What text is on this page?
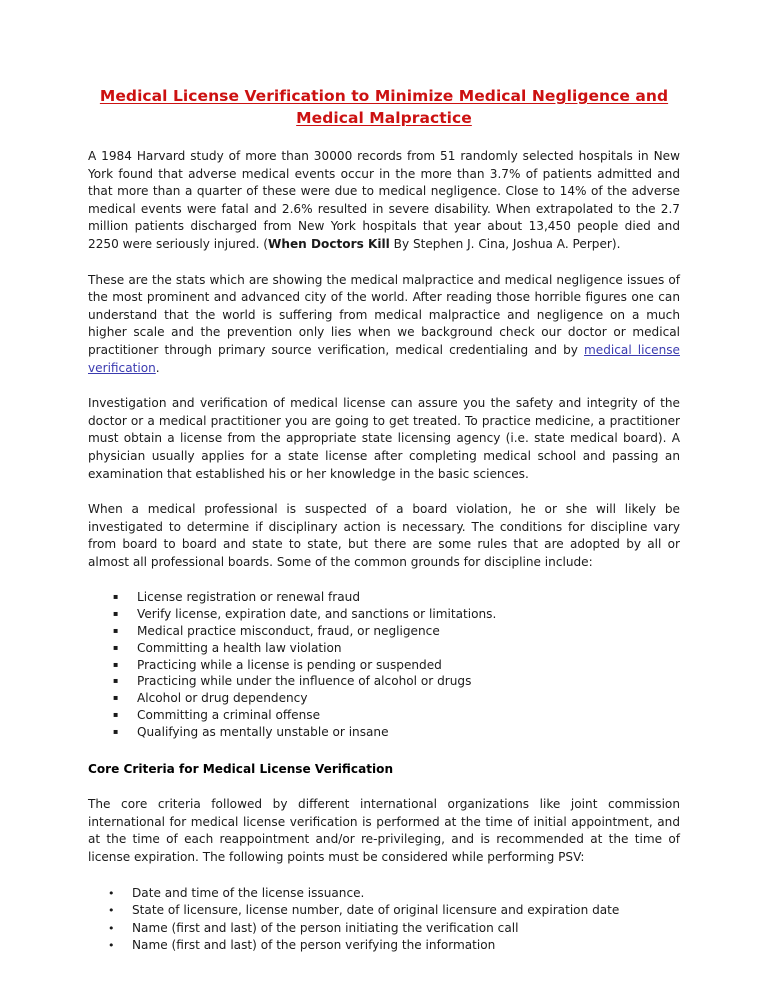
Medical License Verification to Minimize Medical Negligence and Medical Malpractice

A 1984 Harvard study of more than 30000 records from 51 randomly selected hospitals in New York found that adverse medical events occur in the more than 3.7% of patients admitted and that more than a quarter of these were due to medical negligence. Close to 14% of the adverse medical events were fatal and 2.6% resulted in severe disability. When extrapolated to the 2.7 million patients discharged from New York hospitals that year about 13,450 people died and 2250 were seriously injured. (When Doctors Kill By Stephen J. Cina, Joshua A. Perper).

These are the stats which are showing the medical malpractice and medical negligence issues of the most prominent and advanced city of the world. After reading those horrible figures one can understand that the world is suffering from medical malpractice and negligence on a much higher scale and the prevention only lies when we background check our doctor or medical practitioner through primary source verification, medical credentialing and by medical license verification.

Investigation and verification of medical license can assure you the safety and integrity of the doctor or a medical practitioner you are going to get treated. To practice medicine, a practitioner must obtain a license from the appropriate state licensing agency (i.e. state medical board). A physician usually applies for a state license after completing medical school and passing an examination that established his or her knowledge in the basic sciences.

When a medical professional is suspected of a board violation, he or she will likely be investigated to determine if disciplinary action is necessary. The conditions for discipline vary from board to board and state to state, but there are some rules that are adopted by all or almost all professional boards. Some of the common grounds for discipline include:

▪ License registration or renewal fraud
▪ Verify license, expiration date, and sanctions or limitations.
▪ Medical practice misconduct, fraud, or negligence
▪ Committing a health law violation
▪ Practicing while a license is pending or suspended
▪ Practicing while under the influence of alcohol or drugs
▪ Alcohol or drug dependency
▪ Committing a criminal offense
▪ Qualifying as mentally unstable or insane

Core Criteria for Medical License Verification

The core criteria followed by different international organizations like joint commission international for medical license verification is performed at the time of initial appointment, and at the time of each reappointment and/or re-privileging, and is recommended at the time of license expiration. The following points must be considered while performing PSV:

• Date and time of the license issuance.
• State of licensure, license number, date of original licensure and expiration date
• Name (first and last) of the person initiating the verification call
• Name (first and last) of the person verifying the information
